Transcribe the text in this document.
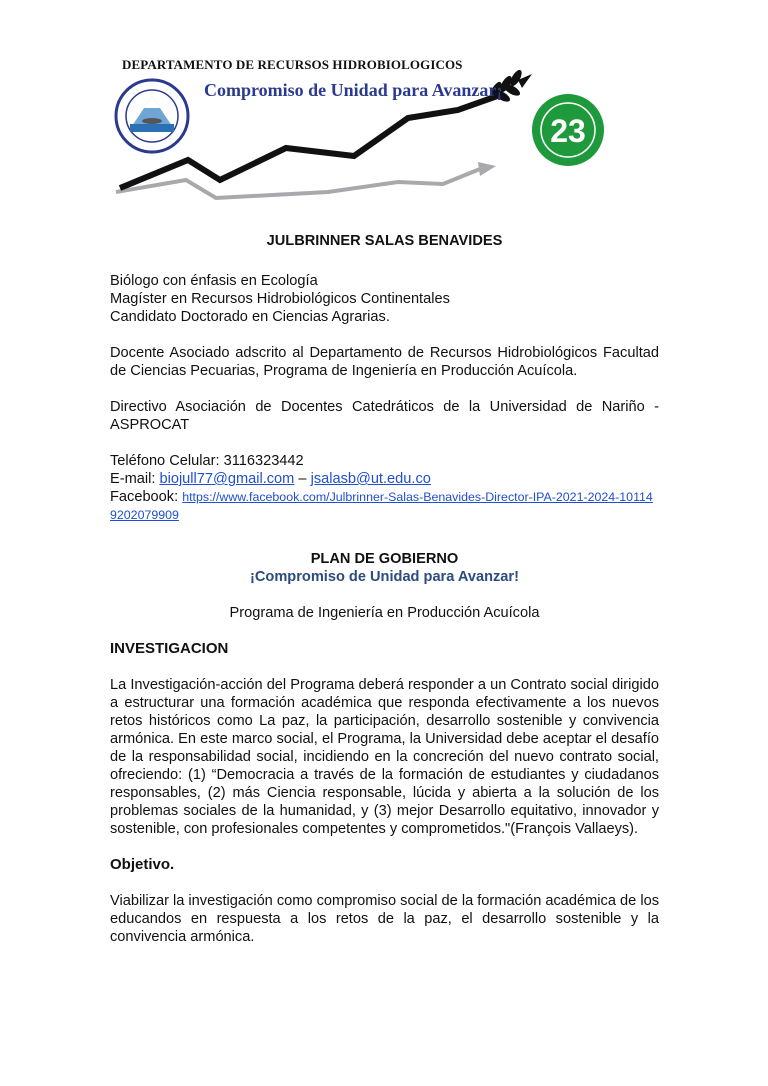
23
DEPARTAMENTO DE RECURSOS HIDROBIOLOGICOS
Compromiso de Unidad para Avanzar¡

JULBRINNER SALAS BENAVIDES

Biólogo con énfasis en Ecología

Magíster en Recursos Hidrobiológicos Continentales

Candidato Doctorado en Ciencias Agrarias.

Docente Asociado adscrito al Departamento de Recursos Hidrobiológicos Facultad de Ciencias Pecuarias, Programa de Ingeniería en Producción Acuícola.

Directivo Asociación de Docentes Catedráticos de la Universidad de Nariño - ASPROCAT

Teléfono Celular: 3116323442

E-mail: biojull77@gmail.com – jsalasb@ut.edu.co

Facebook: https://www.facebook.com/Julbrinner-Salas-Benavides-Director-IPA-2021-2024-101149202079909

PLAN DE GOBIERNO

¡Compromiso de Unidad para Avanzar!

Programa de Ingeniería en Producción Acuícola

INVESTIGACION

La Investigación-acción del Programa deberá responder a un Contrato social dirigido a estructurar una formación académica que responda efectivamente a los nuevos retos históricos como La paz, la participación, desarrollo sostenible y convivencia armónica. En este marco social, el Programa, la Universidad debe aceptar el desafío de la responsabilidad social, incidiendo en la concreción del nuevo contrato social, ofreciendo: (1) “Democracia a través de la formación de estudiantes y ciudadanos responsables, (2) más Ciencia responsable, lúcida y abierta a la solución de los problemas sociales de la humanidad, y (3) mejor Desarrollo equitativo, innovador y sostenible, con profesionales competentes y comprometidos."(François Vallaeys).

Objetivo.

Viabilizar la investigación como compromiso social de la formación académica de los educandos en respuesta a los retos de la paz, el desarrollo sostenible y la convivencia armónica.
